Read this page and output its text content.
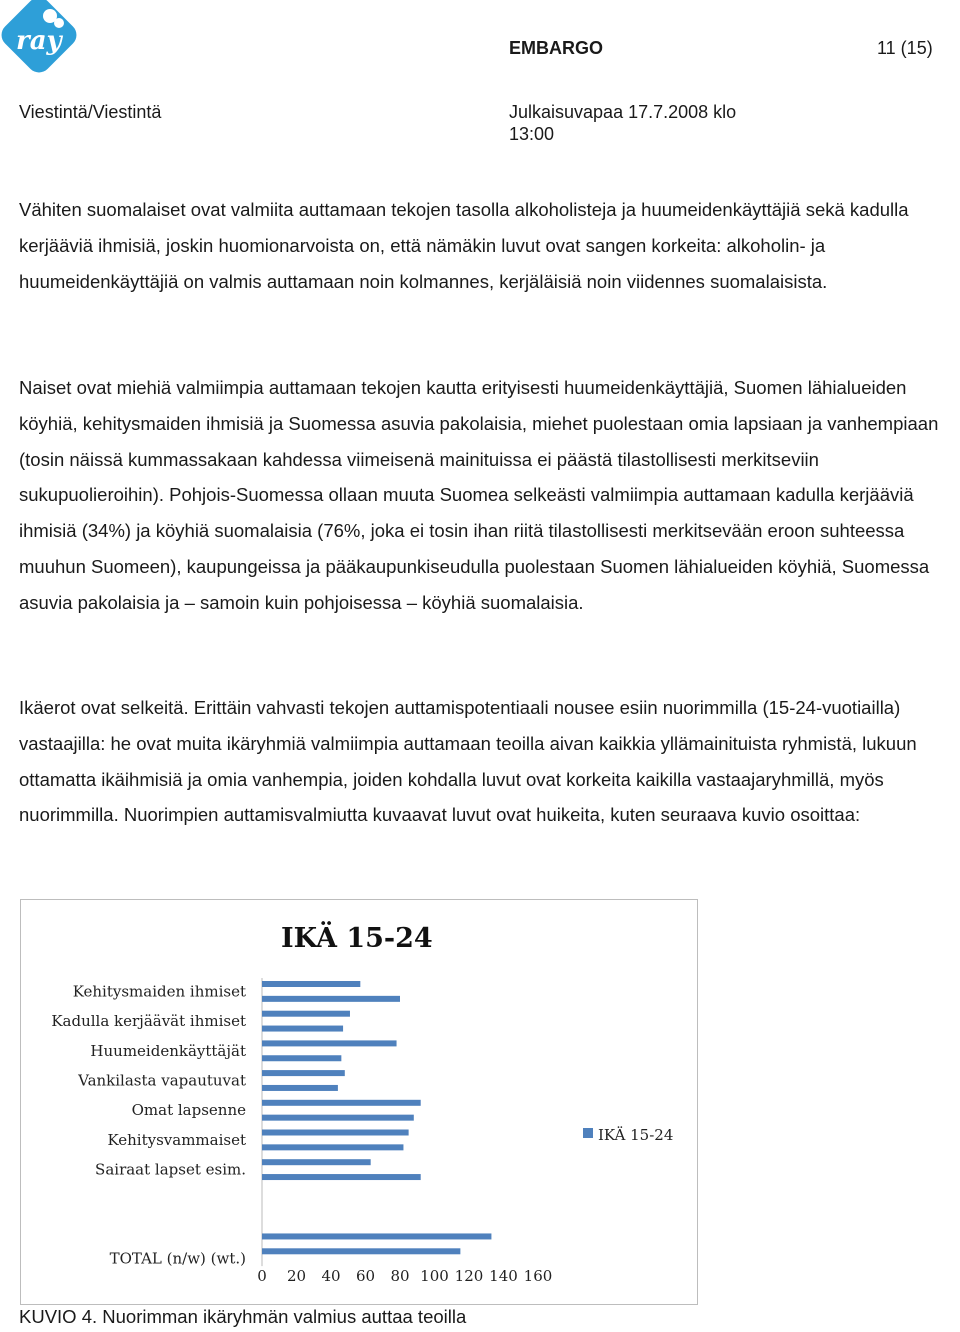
ray	EMBARGO	11 (15)
Viestintä/Viestintä	Julkaisuvapaa 17.7.2008 klo
13:00

Vähiten suomalaiset ovat valmiita auttamaan tekojen tasolla alkoholisteja ja huumeidenkäyttäjiä sekä kadulla kerjääviä ihmisiä, joskin huomionarvoista on, että nämäkin luvut ovat sangen korkeita: alkoholin- ja huumeidenkäyttäjiä on valmis auttamaan noin kolmannes, kerjäläisiä noin viidennes suomalaisista.

Naiset ovat miehiä valmiimpia auttamaan tekojen kautta erityisesti huumeidenkäyttäjiä, Suomen lähialueiden köyhiä, kehitysmaiden ihmisiä ja Suomessa asuvia pakolaisia, miehet puolestaan omia lapsiaan ja vanhempiaan (tosin näissä kummassakaan kahdessa viimeisenä mainituissa ei päästä tilastollisesti merkitseviin sukupuolieroihin). Pohjois-Suomessa ollaan muuta Suomea selkeästi valmiimpia auttamaan kadulla kerjääviä ihmisiä (34%) ja köyhiä suomalaisia (76%, joka ei tosin ihan riitä tilastollisesti merkitsevään eroon suhteessa muuhun Suomeen), kaupungeissa ja pääkaupunkiseudulla puolestaan Suomen lähialueiden köyhiä, Suomessa asuvia pakolaisia ja – samoin kuin pohjoisessa – köyhiä suomalaisia.

Ikäerot ovat selkeitä. Erittäin vahvasti tekojen auttamispotentiaali nousee esiin nuorimmilla (15-24-vuotiailla) vastaajilla: he ovat muita ikäryhmiä valmiimpia auttamaan teoilla aivan kaikkia yllämainituista ryhmistä, lukuun ottamatta ikäihmisiä ja omia vanhempia, joiden kohdalla luvut ovat korkeita kaikilla vastaajaryhmillä, myös nuorimmilla. Nuorimpien auttamisvalmiutta kuvaavat luvut ovat huikeita, kuten seuraava kuvio osoittaa:

IKÄ 15-24
Kehitysmaiden ihmiset
Kadulla kerjäävät ihmiset
Huumeidenkäyttäjät
Vankilasta vapautuvat
Omat lapsenne
Kehitysvammaiset
Sairaat lapset esim.
TOTAL (n/w) (wt.)
0 20 40 60 80 100 120 140 160
IKÄ 15-24
KUVIO 4. Nuorimman ikäryhmän valmius auttaa teoilla
